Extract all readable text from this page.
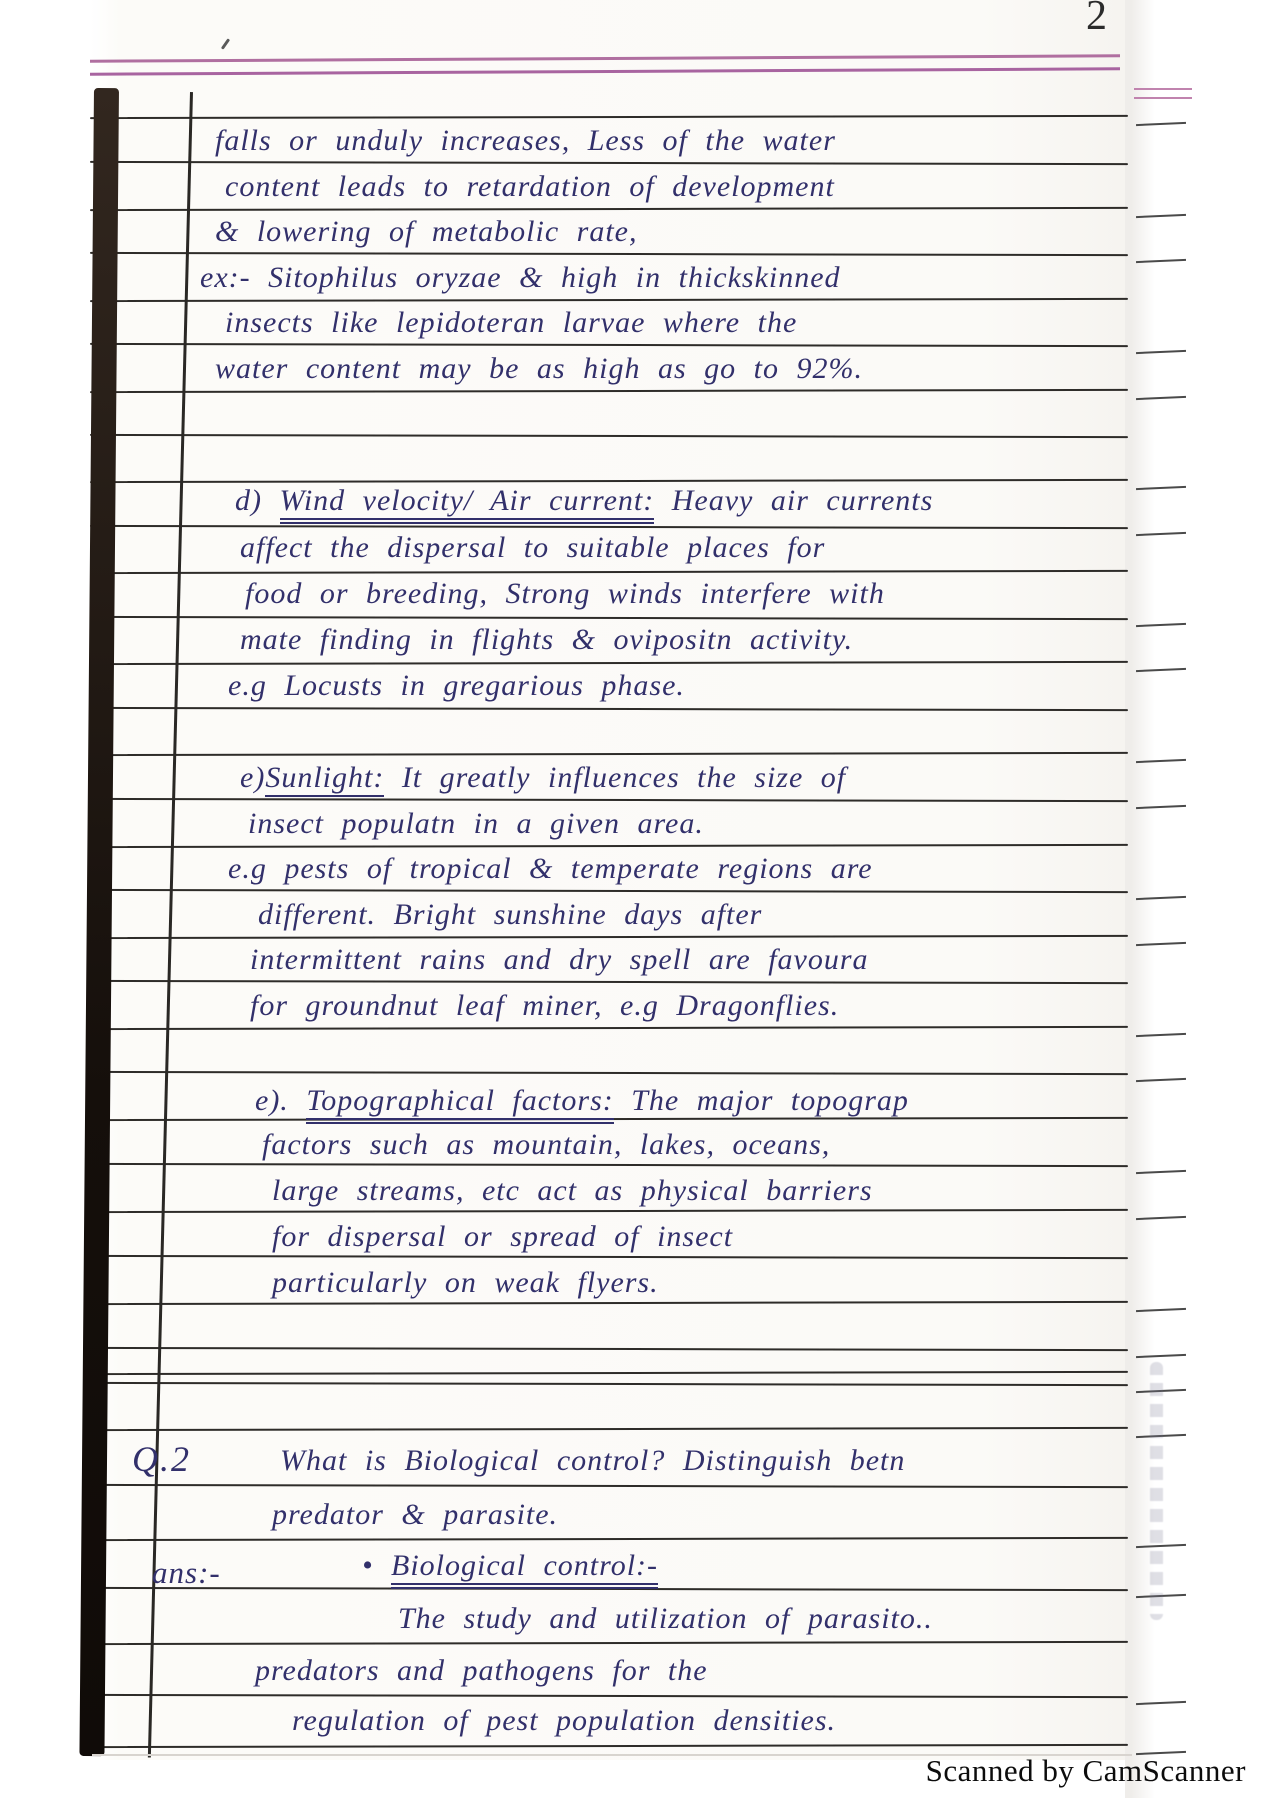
2
falls or unduly increases, Less of the water
content leads to retardation of development
& lowering of metabolic rate,
ex:- Sitophilus oryzae & high in thickskinned
insects like lepidoteran larvae where the
water content may be as high as go to 92%.
d) Wind velocity/ Air current: Heavy air currents
affect the dispersal to suitable places for
food or breeding, Strong winds interfere with
mate finding in flights & ovipositn activity.
e.g Locusts in gregarious phase.
e)Sunlight: It greatly influences the size of
insect populatn in a given area.
e.g pests of tropical & temperate regions are
different. Bright sunshine days after
intermittent rains and dry spell are favoura
for groundnut leaf miner, e.g Dragonflies.
e). Topographical factors: The major topograp
factors such as mountain, lakes, oceans,
large streams, etc act as physical barriers
for dispersal or spread of insect
particularly on weak flyers.
Q.2	What is Biological control? Distinguish betn
predator & parasite.
ans:-	• Biological control:-
The study and utilization of parasito..
predators and pathogens for the
regulation of pest population densities.
Scanned by CamScanner
